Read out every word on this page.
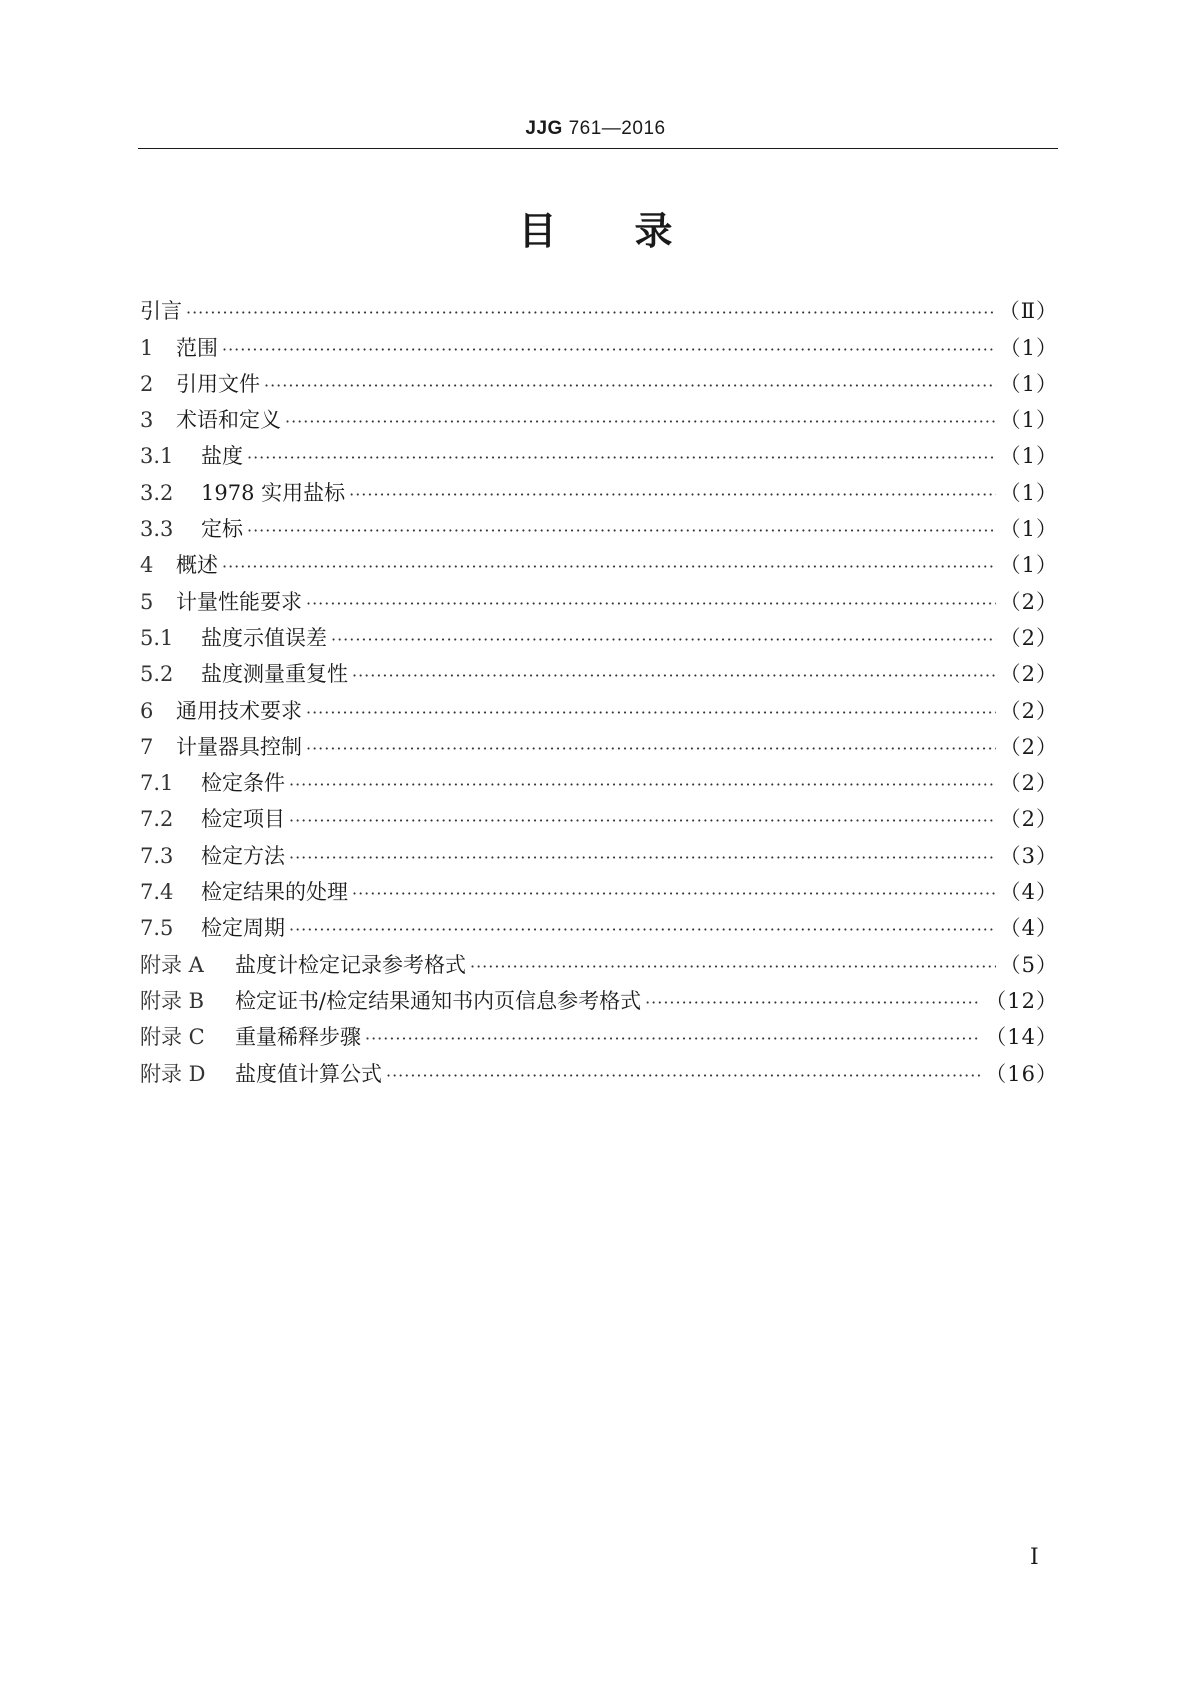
JJG 761—2016
目录
引言 ·····	（Ⅱ）
1	范围 ·····	（1）
2	引用文件 ·····	（1）
3	术语和定义 ·····	（1）
3.1	盐度 ·····	（1）
3.2	1978 实用盐标 ·····	（1）
3.3	定标 ·····	（1）
4	概述 ·····	（1）
5	计量性能要求 ·····	（2）
5.1	盐度示值误差 ·····	（2）
5.2	盐度测量重复性 ·····	（2）
6	通用技术要求 ·····	（2）
7	计量器具控制 ·····	（2）
7.1	检定条件 ·····	（2）
7.2	检定项目 ·····	（2）
7.3	检定方法 ·····	（3）
7.4	检定结果的处理 ·····	（4）
7.5	检定周期 ·····	（4）
附录 A	盐度计检定记录参考格式 ·····	（5）
附录 B	检定证书/检定结果通知书内页信息参考格式 ·····	（12）
附录 C	重量稀释步骤 ·····	（14）
附录 D	盐度值计算公式 ·····	（16）
Ⅰ
